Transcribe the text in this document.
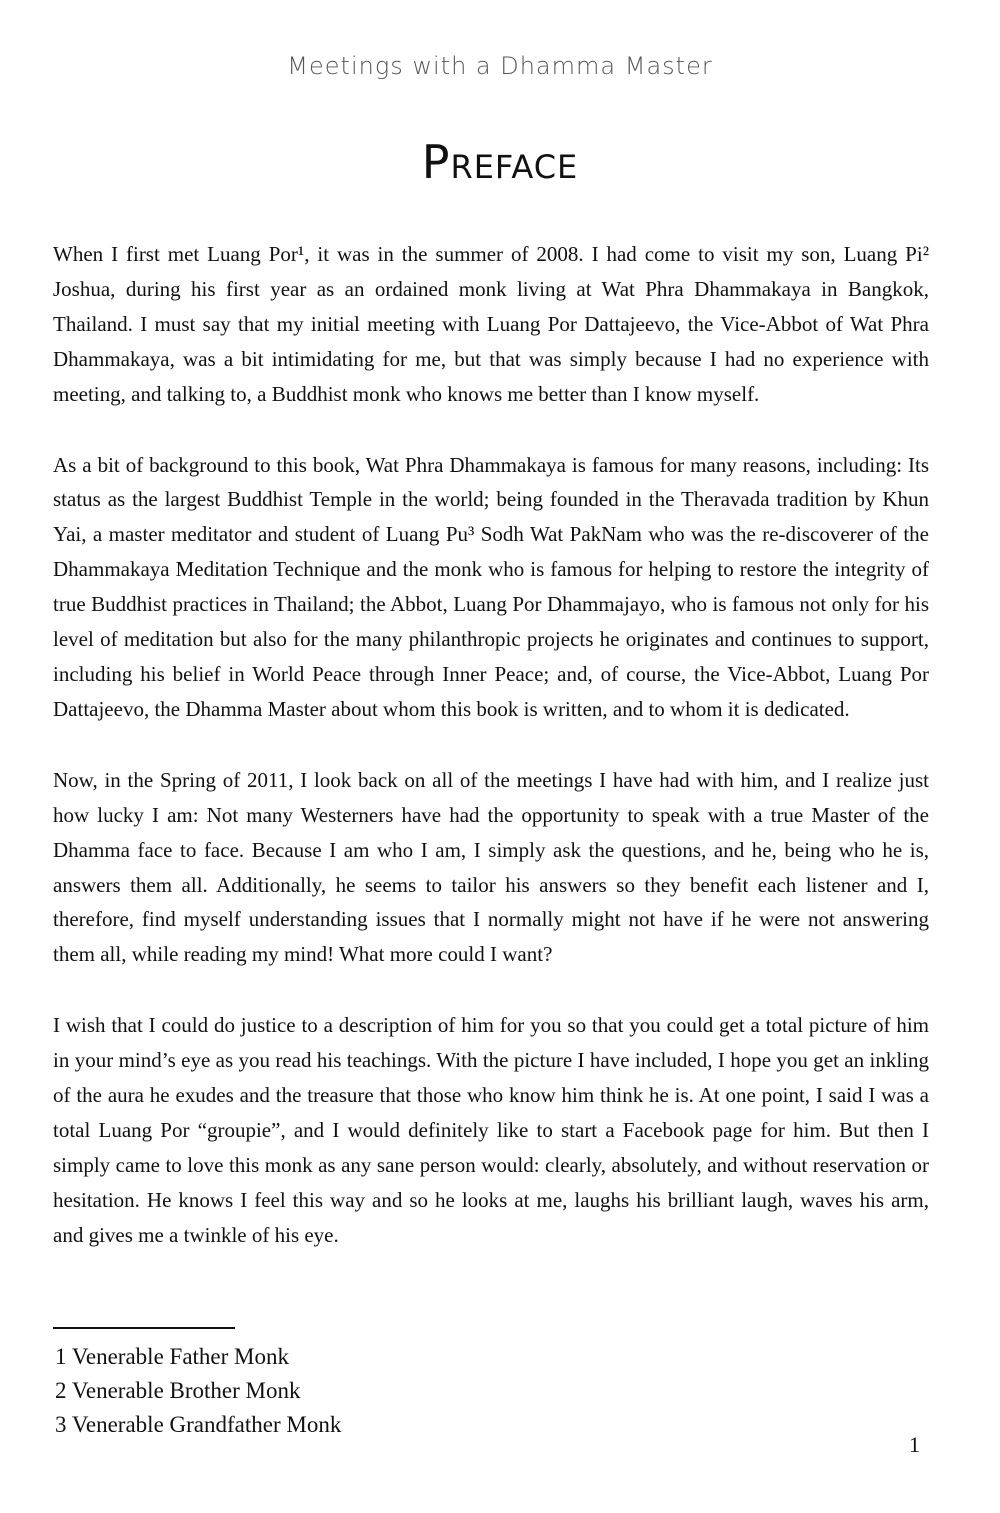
Meetings with a Dhamma Master
Preface

When I first met Luang Por¹, it was in the summer of 2008. I had come to visit my son, Luang Pi² Joshua, during his first year as an ordained monk living at Wat Phra Dhammakaya in Bangkok, Thailand. I must say that my initial meeting with Luang Por Dattajeevo, the Vice-Abbot of Wat Phra Dhammakaya, was a bit intimidating for me, but that was simply because I had no experience with meeting, and talking to, a Buddhist monk who knows me better than I know myself.

As a bit of background to this book, Wat Phra Dhammakaya is famous for many reasons, including: Its status as the largest Buddhist Temple in the world; being founded in the Theravada tradition by Khun Yai, a master meditator and student of Luang Pu³ Sodh Wat PakNam who was the re-discoverer of the Dhammakaya Meditation Technique and the monk who is famous for helping to restore the integrity of true Buddhist practices in Thailand; the Abbot, Luang Por Dhammajayo, who is famous not only for his level of meditation but also for the many philanthropic projects he originates and continues to support, including his belief in World Peace through Inner Peace; and, of course, the Vice-Abbot, Luang Por Dattajeevo, the Dhamma Master about whom this book is written, and to whom it is dedicated.

Now, in the Spring of 2011, I look back on all of the meetings I have had with him, and I realize just how lucky I am: Not many Westerners have had the opportunity to speak with a true Master of the Dhamma face to face. Because I am who I am, I simply ask the questions, and he, being who he is, answers them all. Additionally, he seems to tailor his answers so they benefit each listener and I, therefore, find myself understanding issues that I normally might not have if he were not answering them all, while reading my mind! What more could I want?

I wish that I could do justice to a description of him for you so that you could get a total picture of him in your mind’s eye as you read his teachings. With the picture I have included, I hope you get an inkling of the aura he exudes and the treasure that those who know him think he is. At one point, I said I was a total Luang Por “groupie”, and I would definitely like to start a Facebook page for him. But then I simply came to love this monk as any sane person would: clearly, absolutely, and without reservation or hesitation. He knows I feel this way and so he looks at me, laughs his brilliant laugh, waves his arm, and gives me a twinkle of his eye.

1 Venerable Father Monk

2 Venerable Brother Monk

3 Venerable Grandfather Monk

1
